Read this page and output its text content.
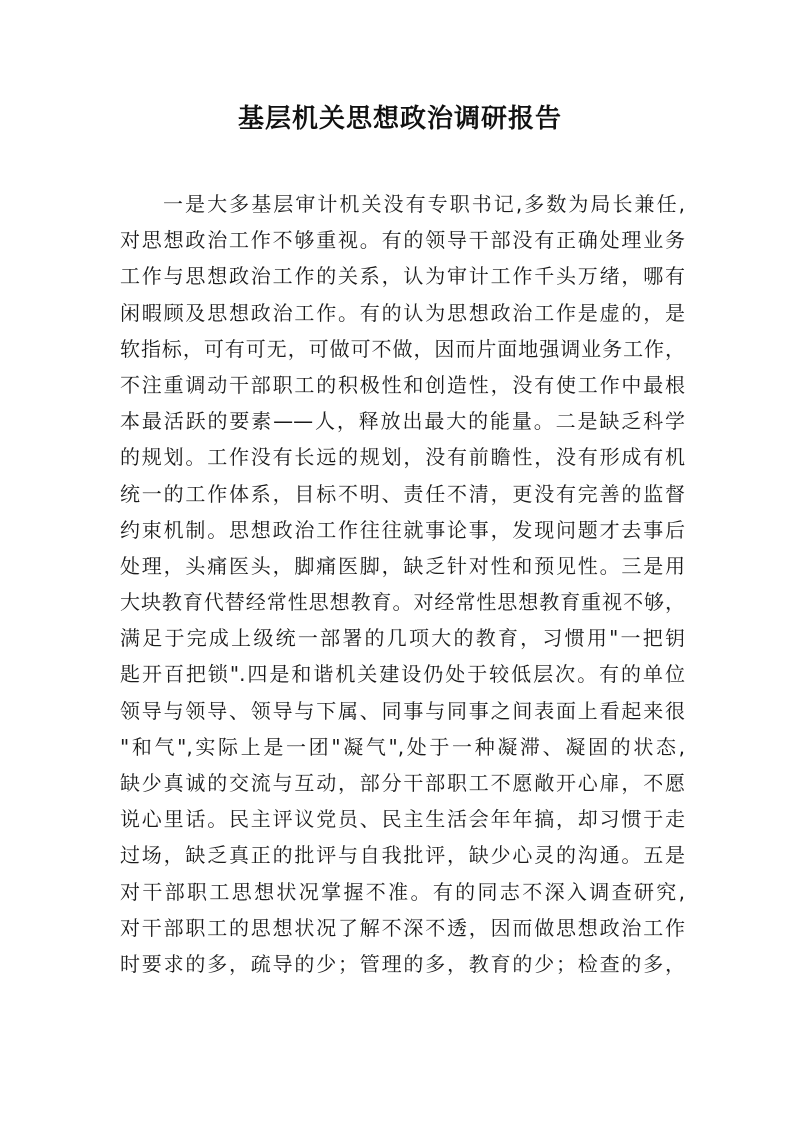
基层机关思想政治调研报告
一是大多基层审计机关没有专职书记,多数为局长兼任,
对思想政治工作不够重视。有的领导干部没有正确处理业务
工作与思想政治工作的关系，认为审计工作千头万绪，哪有
闲暇顾及思想政治工作。有的认为思想政治工作是虚的，是
软指标，可有可无，可做可不做，因而片面地强调业务工作，
不注重调动干部职工的积极性和创造性，没有使工作中最根
本最活跃的要素——人，释放出最大的能量。二是缺乏科学
的规划。工作没有长远的规划，没有前瞻性，没有形成有机
统一的工作体系，目标不明、责任不清，更没有完善的监督
约束机制。思想政治工作往往就事论事，发现问题才去事后
处理，头痛医头，脚痛医脚，缺乏针对性和预见性。三是用
大块教育代替经常性思想教育。对经常性思想教育重视不够，
满足于完成上级统一部署的几项大的教育，习惯用"一把钥
匙开百把锁".四是和谐机关建设仍处于较低层次。有的单位
领导与领导、领导与下属、同事与同事之间表面上看起来很
"和气",实际上是一团"凝气",处于一种凝滞、凝固的状态,
缺少真诚的交流与互动，部分干部职工不愿敞开心扉，不愿
说心里话。民主评议党员、民主生活会年年搞，却习惯于走
过场，缺乏真正的批评与自我批评，缺少心灵的沟通。五是
对干部职工思想状况掌握不准。有的同志不深入调查研究,
对干部职工的思想状况了解不深不透，因而做思想政治工作
时要求的多，疏导的少；管理的多，教育的少；检查的多，
